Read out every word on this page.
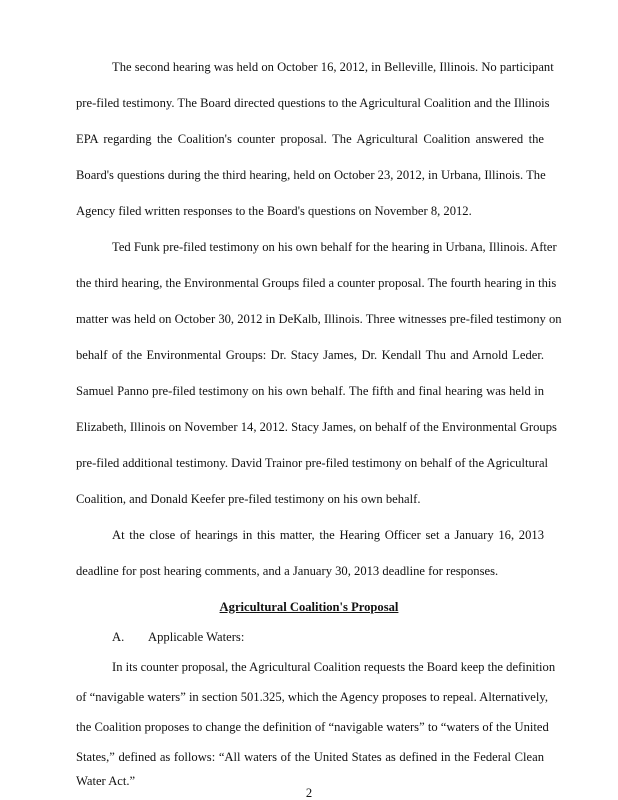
The second hearing was held on October 16, 2012, in Belleville, Illinois. No participant
pre-filed testimony. The Board directed questions to the Agricultural Coalition and the Illinois
EPA regarding the Coalition's counter proposal. The Agricultural Coalition answered the
Board's questions during the third hearing, held on October 23, 2012, in Urbana, Illinois. The
Agency filed written responses to the Board's questions on November 8, 2012.
Ted Funk pre-filed testimony on his own behalf for the hearing in Urbana, Illinois. After
the third hearing, the Environmental Groups filed a counter proposal. The fourth hearing in this
matter was held on October 30, 2012 in DeKalb, Illinois. Three witnesses pre-filed testimony on
behalf of the Environmental Groups: Dr. Stacy James, Dr. Kendall Thu and Arnold Leder.
Samuel Panno pre-filed testimony on his own behalf. The fifth and final hearing was held in
Elizabeth, Illinois on November 14, 2012. Stacy James, on behalf of the Environmental Groups
pre-filed additional testimony. David Trainor pre-filed testimony on behalf of the Agricultural
Coalition, and Donald Keefer pre-filed testimony on his own behalf.
At the close of hearings in this matter, the Hearing Officer set a January 16, 2013
deadline for post hearing comments, and a January 30, 2013 deadline for responses.
Agricultural Coalition's Proposal
A. Applicable Waters:
In its counter proposal, the Agricultural Coalition requests the Board keep the definition
of “navigable waters” in section 501.325, which the Agency proposes to repeal. Alternatively,
the Coalition proposes to change the definition of “navigable waters” to “waters of the United
States,” defined as follows: “All waters of the United States as defined in the Federal Clean
Water Act.”
2
